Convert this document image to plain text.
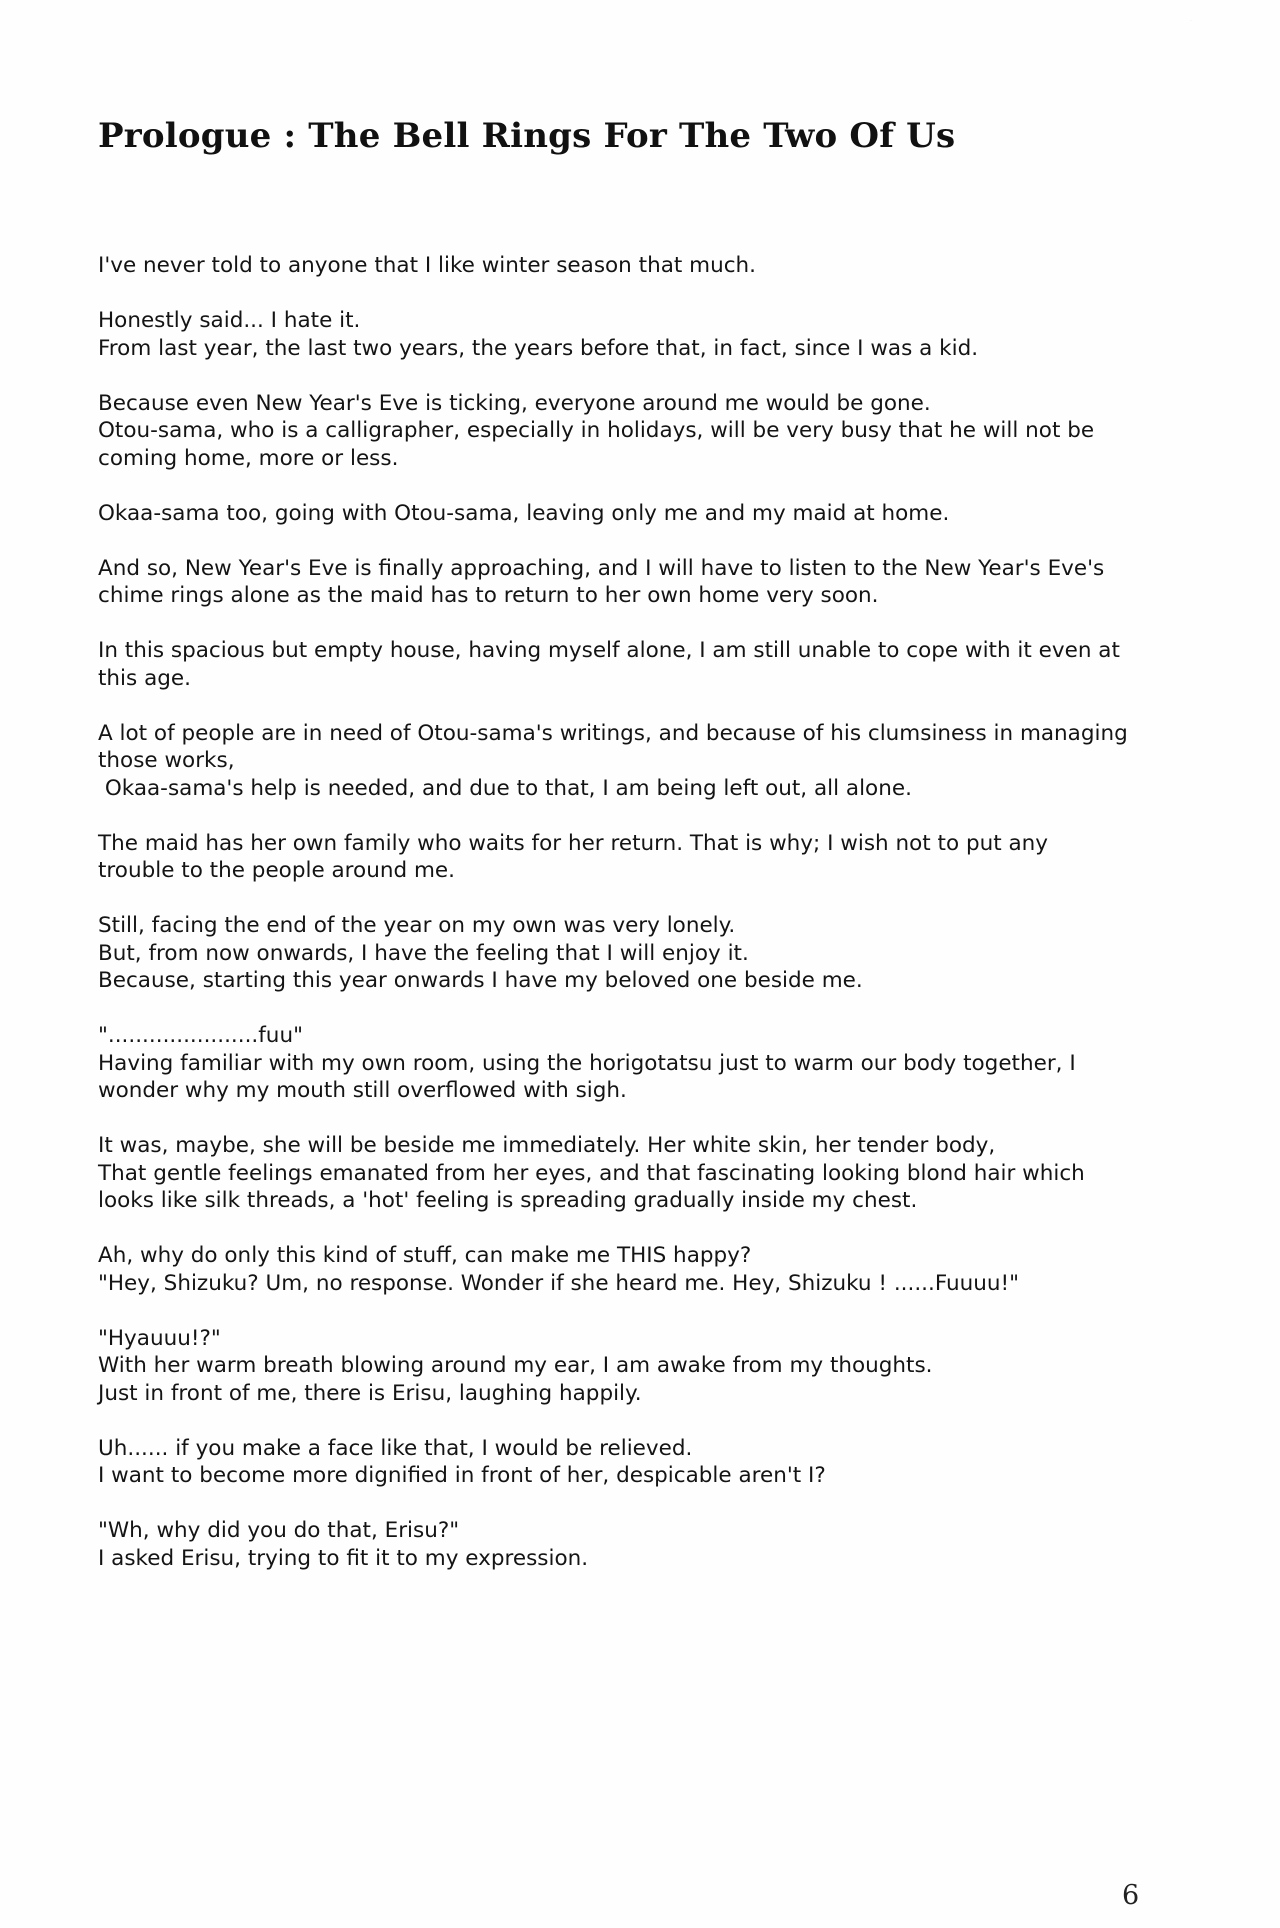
Prologue : The Bell Rings For The Two Of Us
I've never told to anyone that I like winter season that much.
Honestly said... I hate it.
From last year, the last two years, the years before that, in fact, since I was a kid.
Because even New Year's Eve is ticking, everyone around me would be gone.
Otou-sama, who is a calligrapher, especially in holidays, will be very busy that he will not be
coming home, more or less.
Okaa-sama too, going with Otou-sama, leaving only me and my maid at home.
And so, New Year's Eve is finally approaching, and I will have to listen to the New Year's Eve's
chime rings alone as the maid has to return to her own home very soon.
In this spacious but empty house, having myself alone, I am still unable to cope with it even at
this age.
A lot of people are in need of Otou-sama's writings, and because of his clumsiness in managing
those works,
Okaa-sama's help is needed, and due to that, I am being left out, all alone.
The maid has her own family who waits for her return. That is why; I wish not to put any
trouble to the people around me.
Still, facing the end of the year on my own was very lonely.
But, from now onwards, I have the feeling that I will enjoy it.
Because, starting this year onwards I have my beloved one beside me.
"......................fuu"
Having familiar with my own room, using the horigotatsu just to warm our body together, I
wonder why my mouth still overflowed with sigh.
It was, maybe, she will be beside me immediately. Her white skin, her tender body,
That gentle feelings emanated from her eyes, and that fascinating looking blond hair which
looks like silk threads, a 'hot' feeling is spreading gradually inside my chest.
Ah, why do only this kind of stuff, can make me THIS happy?
"Hey, Shizuku? Um, no response. Wonder if she heard me. Hey, Shizuku ! ......Fuuuu!"
"Hyauuu!?"
With her warm breath blowing around my ear, I am awake from my thoughts.
Just in front of me, there is Erisu, laughing happily.
Uh...... if you make a face like that, I would be relieved.
I want to become more dignified in front of her, despicable aren't I?
"Wh, why did you do that, Erisu?"
I asked Erisu, trying to fit it to my expression.
·
6
